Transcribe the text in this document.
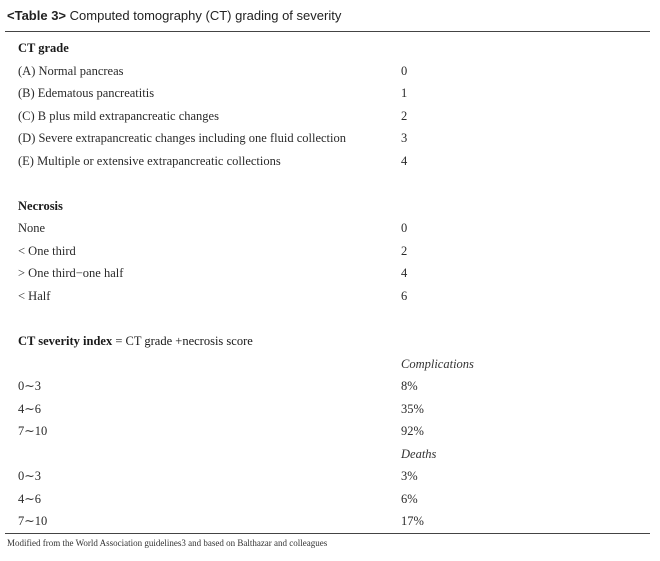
<Table 3> Computed tomography (CT) grading of severity
CT grade
(A) Normal pancreas	0
(B) Edematous pancreatitis	1
(C) B plus mild extrapancreatic changes	2
(D) Severe extrapancreatic changes including one fluid collection	3
(E) Multiple or extensive extrapancreatic collections	4
Necrosis
None	0
< One third	2
> One third−one half	4
< Half	6
CT severity index = CT grade +necrosis score
Complications
0∼3	8%
4∼6	35%
7∼10	92%
Deaths
0∼3	3%
4∼6	6%
7∼10	17%
Modified from the World Association guidelines3 and based on Balthazar and colleagues
